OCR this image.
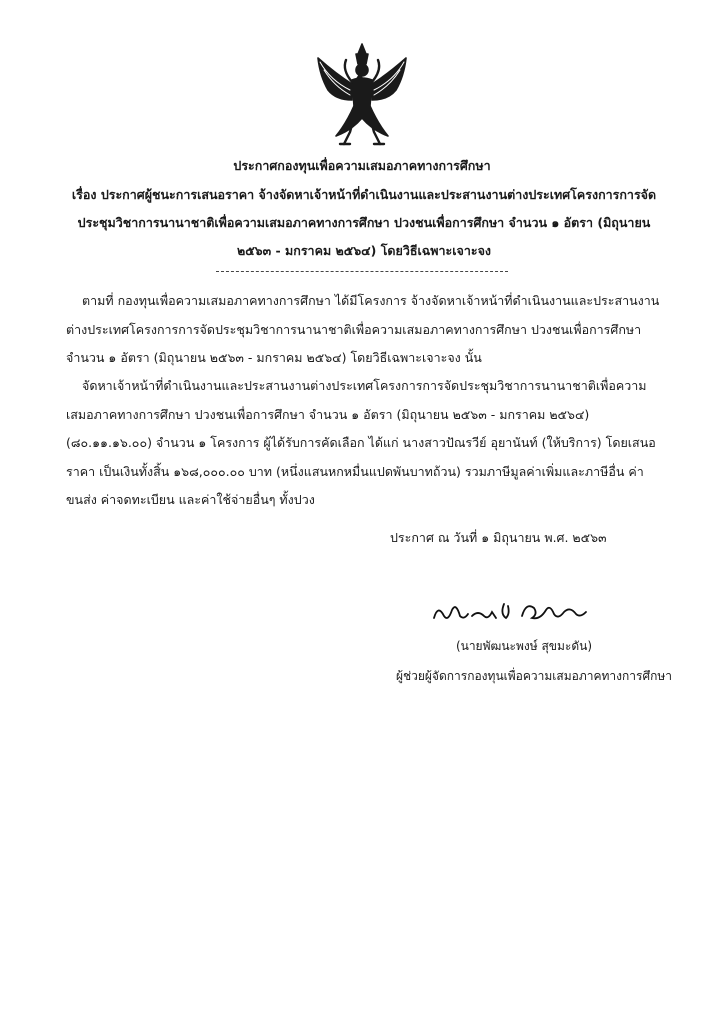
ประกาศกองทุนเพื่อความเสมอภาคทางการศึกษา
เรื่อง ประกาศผู้ชนะการเสนอราคา จ้างจัดหาเจ้าหน้าที่ดำเนินงานและประสานงานต่างประเทศโครงการการจัดประชุมวิชาการนานาชาติเพื่อความเสมอภาคทางการศึกษา ปวงชนเพื่อการศึกษา จำนวน ๑ อัตรา (มิถุนายน ๒๕๖๓ - มกราคม ๒๕๖๔) โดยวิธีเฉพาะเจาะจง
ตามที่ กองทุนเพื่อความเสมอภาคทางการศึกษา ได้มีโครงการ จ้างจัดหาเจ้าหน้าที่ดำเนินงานและประสานงานต่างประเทศโครงการการจัดประชุมวิชาการนานาชาติเพื่อความเสมอภาคทางการศึกษา ปวงชนเพื่อการศึกษา จำนวน ๑ อัตรา (มิถุนายน ๒๕๖๓ - มกราคม ๒๕๖๔) โดยวิธีเฉพาะเจาะจง นั้น
จัดหาเจ้าหน้าที่ดำเนินงานและประสานงานต่างประเทศโครงการการจัดประชุมวิชาการนานาชาติเพื่อความเสมอภาคทางการศึกษา ปวงชนเพื่อการศึกษา จำนวน ๑ อัตรา (มิถุนายน ๒๕๖๓ - มกราคม ๒๕๖๔) (๘๐.๑๑.๑๖.๐๐) จำนวน ๑ โครงการ ผู้ได้รับการคัดเลือก ได้แก่ นางสาวปัณรวีย์ อุยานันท์ (ให้บริการ) โดยเสนอราคา เป็นเงินทั้งสิ้น ๑๖๘,๐๐๐.๐๐ บาท (หนึ่งแสนหกหมื่นแปดพันบาทถ้วน) รวมภาษีมูลค่าเพิ่มและภาษีอื่น ค่าขนส่ง ค่าจดทะเบียน และค่าใช้จ่ายอื่นๆ ทั้งปวง
ประกาศ ณ วันที่ ๑ มิถุนายน พ.ศ. ๒๕๖๓
(นายพัฒนะพงษ์ สุขมะดัน)
ผู้ช่วยผู้จัดการกองทุนเพื่อความเสมอภาคทางการศึกษา
